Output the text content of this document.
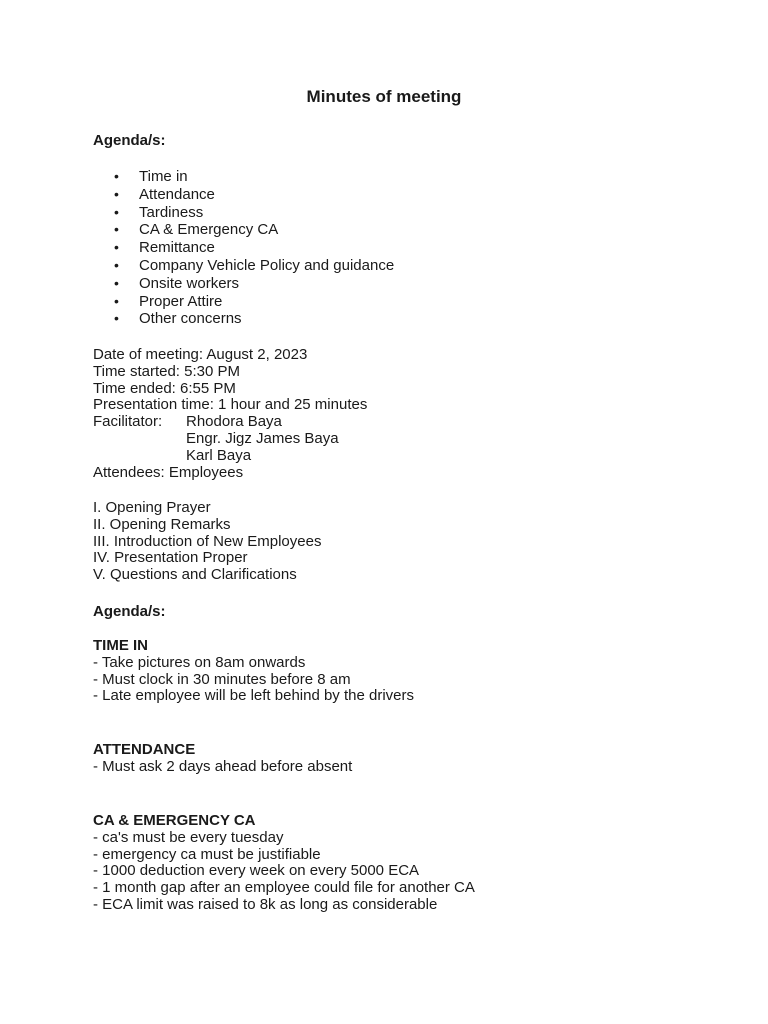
Minutes of meeting
Agenda/s:
• Time in
• Attendance
• Tardiness
• CA & Emergency CA
• Remittance
• Company Vehicle Policy and guidance
• Onsite workers
• Proper Attire
• Other concerns
Date of meeting: August 2, 2023
Time started: 5:30 PM
Time ended: 6:55 PM
Presentation time: 1 hour and 25 minutes
Facilitator: Rhodora Baya
Engr. Jigz James Baya
Karl Baya
Attendees: Employees
I. Opening Prayer
II. Opening Remarks
III. Introduction of New Employees
IV. Presentation Proper
V. Questions and Clarifications
Agenda/s:
TIME IN
- Take pictures on 8am onwards
- Must clock in 30 minutes before 8 am
- Late employee will be left behind by the drivers
ATTENDANCE
- Must ask 2 days ahead before absent
CA & EMERGENCY CA
- ca's must be every tuesday
- emergency ca must be justifiable
- 1000 deduction every week on every 5000 ECA
- 1 month gap after an employee could file for another CA
- ECA limit was raised to 8k as long as considerable
